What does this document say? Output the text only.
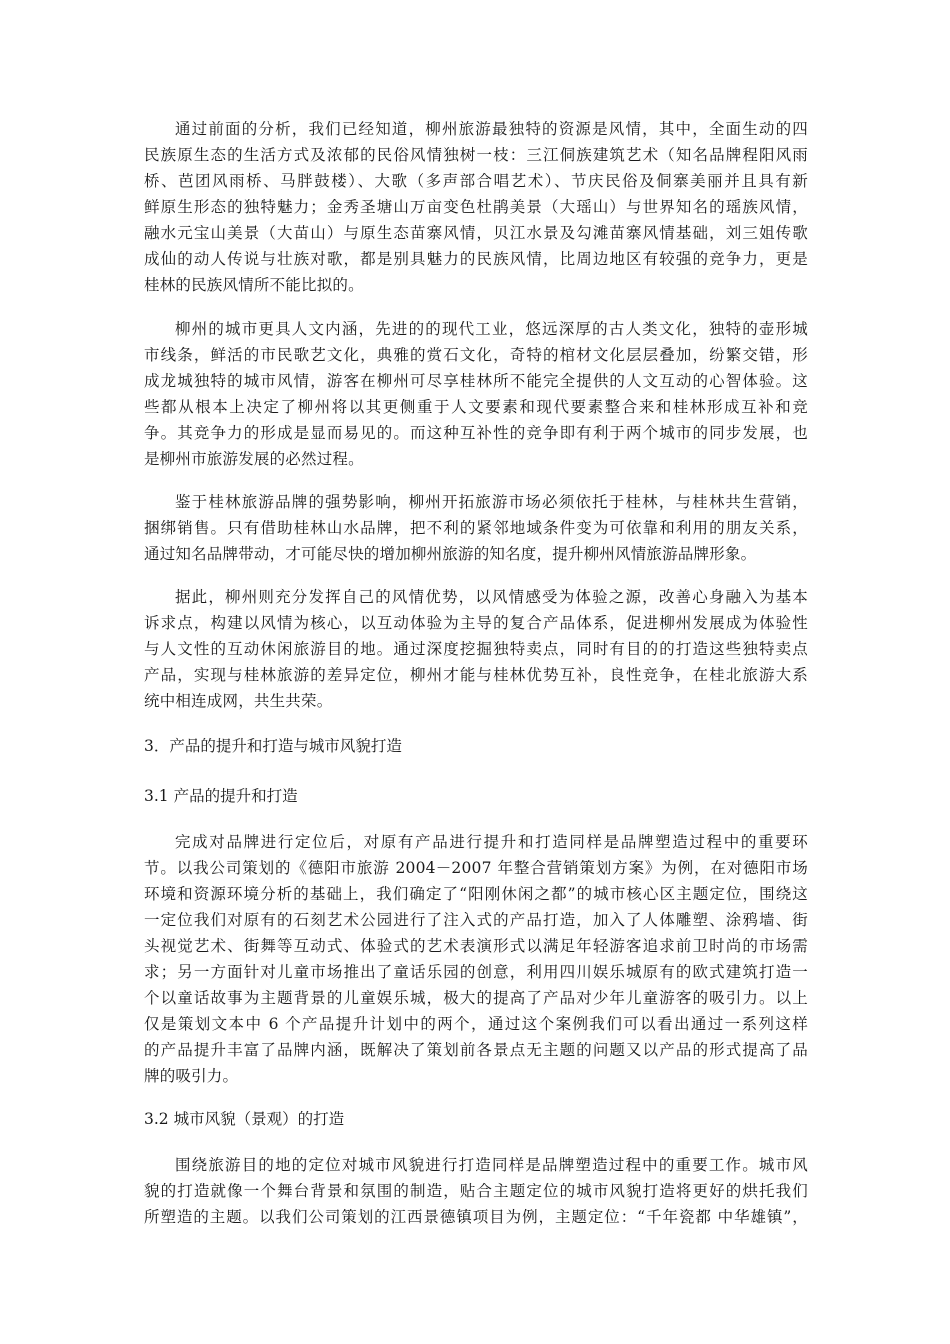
通过前面的分析，我们已经知道，柳州旅游最独特的资源是风情，其中，全面生动的四
民族原生态的生活方式及浓郁的民俗风情独树一枝：三江侗族建筑艺术（知名品牌程阳风雨
桥、芭团风雨桥、马胖鼓楼）、大歌（多声部合唱艺术）、节庆民俗及侗寨美丽并且具有新
鲜原生形态的独特魅力；金秀圣塘山万亩变色杜鹃美景（大瑶山）与世界知名的瑶族风情，
融水元宝山美景（大苗山）与原生态苗寨风情，贝江水景及勾滩苗寨风情基础，刘三姐传歌
成仙的动人传说与壮族对歌，都是别具魅力的民族风情，比周边地区有较强的竞争力，更是
桂林的民族风情所不能比拟的。
柳州的城市更具人文内涵，先进的的现代工业，悠远深厚的古人类文化，独特的壶形城
市线条，鲜活的市民歌艺文化，典雅的赏石文化，奇特的棺材文化层层叠加，纷繁交错，形
成龙城独特的城市风情，游客在柳州可尽享桂林所不能完全提供的人文互动的心智体验。这
些都从根本上决定了柳州将以其更侧重于人文要素和现代要素整合来和桂林形成互补和竞
争。其竞争力的形成是显而易见的。而这种互补性的竞争即有利于两个城市的同步发展，也
是柳州市旅游发展的必然过程。
鉴于桂林旅游品牌的强势影响，柳州开拓旅游市场必须依托于桂林，与桂林共生营销，
捆绑销售。只有借助桂林山水品牌，把不利的紧邻地域条件变为可依靠和利用的朋友关系，
通过知名品牌带动，才可能尽快的增加柳州旅游的知名度，提升柳州风情旅游品牌形象。
据此，柳州则充分发挥自己的风情优势，以风情感受为体验之源，改善心身融入为基本
诉求点，构建以风情为核心，以互动体验为主导的复合产品体系，促进柳州发展成为体验性
与人文性的互动休闲旅游目的地。通过深度挖掘独特卖点，同时有目的的打造这些独特卖点
产品，实现与桂林旅游的差异定位，柳州才能与桂林优势互补，良性竞争，在桂北旅游大系
统中相连成网，共生共荣。
3．产品的提升和打造与城市风貌打造
3.1 产品的提升和打造
完成对品牌进行定位后，对原有产品进行提升和打造同样是品牌塑造过程中的重要环
节。以我公司策划的《德阳市旅游 2004－2007 年整合营销策划方案》为例，在对德阳市场
环境和资源环境分析的基础上，我们确定了“阳刚休闲之都”的城市核心区主题定位，围绕这
一定位我们对原有的石刻艺术公园进行了注入式的产品打造，加入了人体雕塑、涂鸦墙、街
头视觉艺术、街舞等互动式、体验式的艺术表演形式以满足年轻游客追求前卫时尚的市场需
求；另一方面针对儿童市场推出了童话乐园的创意，利用四川娱乐城原有的欧式建筑打造一
个以童话故事为主题背景的儿童娱乐城，极大的提高了产品对少年儿童游客的吸引力。以上
仅是策划文本中 6 个产品提升计划中的两个，通过这个案例我们可以看出通过一系列这样
的产品提升丰富了品牌内涵，既解决了策划前各景点无主题的问题又以产品的形式提高了品
牌的吸引力。
3.2 城市风貌（景观）的打造
围绕旅游目的地的定位对城市风貌进行打造同样是品牌塑造过程中的重要工作。城市风
貌的打造就像一个舞台背景和氛围的制造，贴合主题定位的城市风貌打造将更好的烘托我们
所塑造的主题。以我们公司策划的江西景德镇项目为例，主题定位：“千年瓷都 中华雄镇”，
